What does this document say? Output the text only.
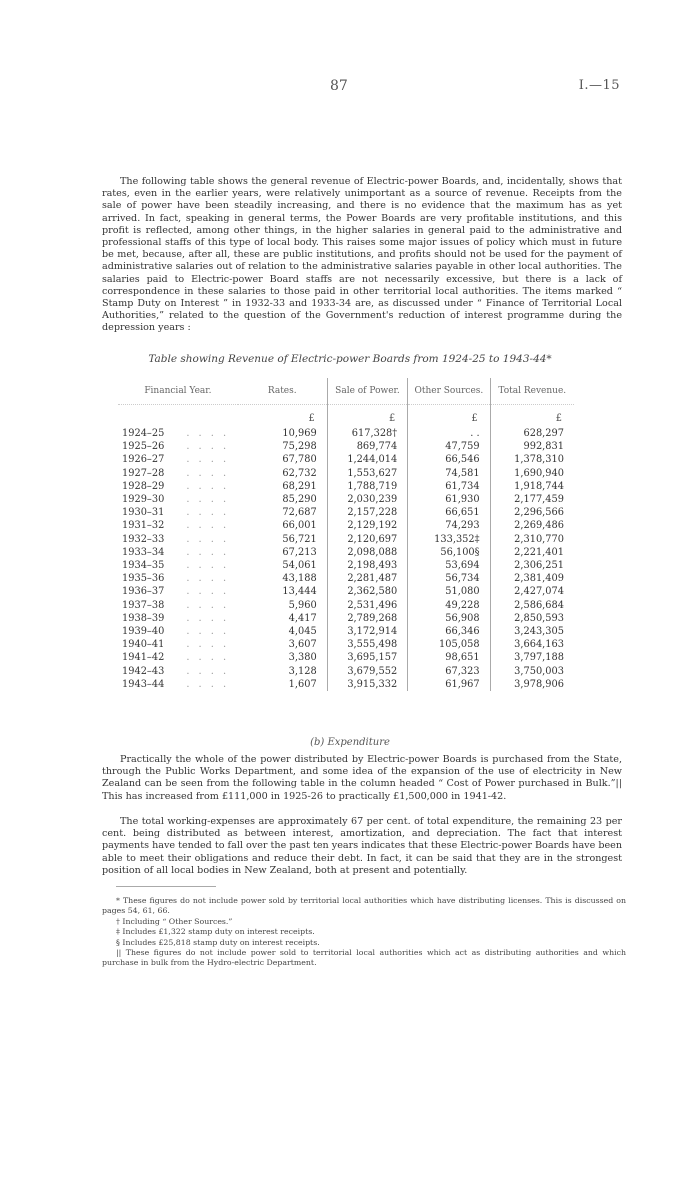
87	I.—15

The following table shows the general revenue of Electric-power Boards, and, incidentally, shows that rates, even in the earlier years, were relatively unimportant as a source of revenue. Receipts from the sale of power have been steadily increasing, and there is no evidence that the maximum has as yet arrived. In fact, speaking in general terms, the Power Boards are very profitable institutions, and this profit is reflected, among other things, in the higher salaries in general paid to the administrative and professional staffs of this type of local body. This raises some major issues of policy which must in future be met, because, after all, these are public institutions, and profits should not be used for the payment of administrative salaries out of relation to the administrative salaries payable in other local authorities. The salaries paid to Electric-power Board staffs are not necessarily excessive, but there is a lack of correspondence in these salaries to those paid in other territorial local authorities. The items marked “ Stamp Duty on Interest ” in 1932-33 and 1933-34 are, as discussed under “ Finance of Territorial Local Authorities,” related to the question of the Government's reduction of interest programme during the depression years :

Table showing Revenue of Electric-power Boards from 1924-25 to 1943-44*
Financial Year.	Rates.	Sale of Power.	Other Sources.	Total Revenue.

	£	£	£	£
1924–25 . . . .	10,969	617,328†	. .	628,297
1925–26 . . . .	75,298	869,774	47,759	992,831
1926–27 . . . .	67,780	1,244,014	66,546	1,378,310
1927–28 . . . .	62,732	1,553,627	74,581	1,690,940
1928–29 . . . .	68,291	1,788,719	61,734	1,918,744
1929–30 . . . .	85,290	2,030,239	61,930	2,177,459
1930–31 . . . .	72,687	2,157,228	66,651	2,296,566
1931–32 . . . .	66,001	2,129,192	74,293	2,269,486
1932–33 . . . .	56,721	2,120,697	133,352‡	2,310,770
1933–34 . . . .	67,213	2,098,088	56,100§	2,221,401
1934–35 . . . .	54,061	2,198,493	53,694	2,306,251
1935–36 . . . .	43,188	2,281,487	56,734	2,381,409
1936–37 . . . .	13,444	2,362,580	51,080	2,427,074
1937–38 . . . .	5,960	2,531,496	49,228	2,586,684
1938–39 . . . .	4,417	2,789,268	56,908	2,850,593
1939–40 . . . .	4,045	3,172,914	66,346	3,243,305
1940–41 . . . .	3,607	3,555,498	105,058	3,664,163
1941–42 . . . .	3,380	3,695,157	98,651	3,797,188
1942–43 . . . .	3,128	3,679,552	67,323	3,750,003
1943–44 . . . .	1,607	3,915,332	61,967	3,978,906
(b) Expenditure

Practically the whole of the power distributed by Electric-power Boards is purchased from the State, through the Public Works Department, and some idea of the expansion of the use of electricity in New Zealand can be seen from the following table in the column headed “ Cost of Power purchased in Bulk.”|| This has increased from £111,000 in 1925-26 to practically £1,500,000 in 1941-42.

The total working-expenses are approximately 67 per cent. of total expenditure, the remaining 23 per cent. being distributed as between interest, amortization, and depreciation. The fact that interest payments have tended to fall over the past ten years indicates that these Electric-power Boards have been able to meet their obligations and reduce their debt. In fact, it can be said that they are in the strongest position of all local bodies in New Zealand, both at present and potentially.

* These figures do not include power sold by territorial local authorities which have distributing licenses. This is discussed on pages 54, 61, 66.

† Including “ Other Sources.”

‡ Includes £1,322 stamp duty on interest receipts.

§ Includes £25,818 stamp duty on interest receipts.

|| These figures do not include power sold to territorial local authorities which act as distributing authorities and which purchase in bulk from the Hydro-electric Department.
